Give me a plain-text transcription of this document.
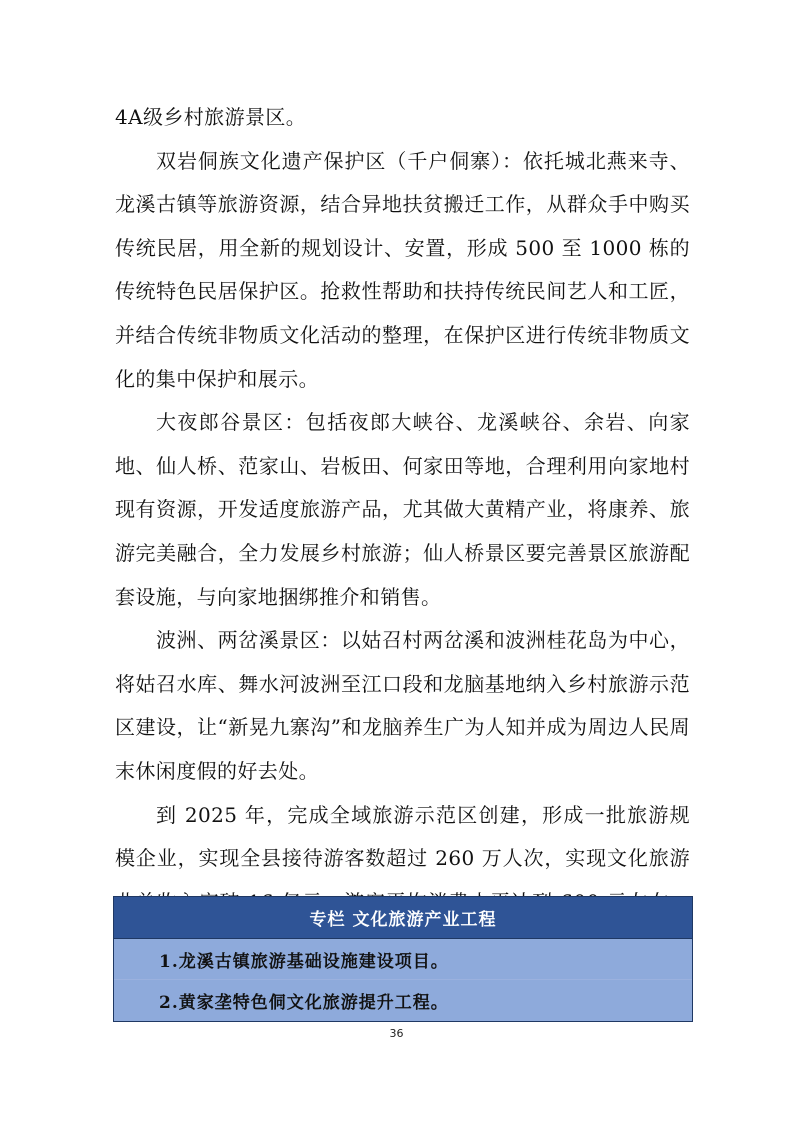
4A级乡村旅游景区。

双岩侗族文化遗产保护区（千户侗寨）：依托城北燕来寺、龙溪古镇等旅游资源，结合异地扶贫搬迁工作，从群众手中购买传统民居，用全新的规划设计、安置，形成 500 至 1000 栋的传统特色民居保护区。抢救性帮助和扶持传统民间艺人和工匠，并结合传统非物质文化活动的整理，在保护区进行传统非物质文化的集中保护和展示。

大夜郎谷景区：包括夜郎大峡谷、龙溪峡谷、余岩、向家地、仙人桥、范家山、岩板田、何家田等地，合理利用向家地村现有资源，开发适度旅游产品，尤其做大黄精产业，将康养、旅游完美融合，全力发展乡村旅游；仙人桥景区要完善景区旅游配套设施，与向家地捆绑推介和销售。

波洲、两岔溪景区：以姑召村两岔溪和波洲桂花岛为中心，将姑召水库、舞水河波洲至江口段和龙脑基地纳入乡村旅游示范区建设，让“新晃九寨沟”和龙脑养生广为人知并成为周边人民周末休闲度假的好去处。

到 2025 年，完成全域旅游示范区创建，形成一批旅游规模企业，实现全县接待游客数超过 260 万人次，实现文化旅游

专栏 文化旅游产业工程
1.龙溪古镇旅游基础设施建设项目。
2.黄家垄特色侗文化旅游提升工程。
36
